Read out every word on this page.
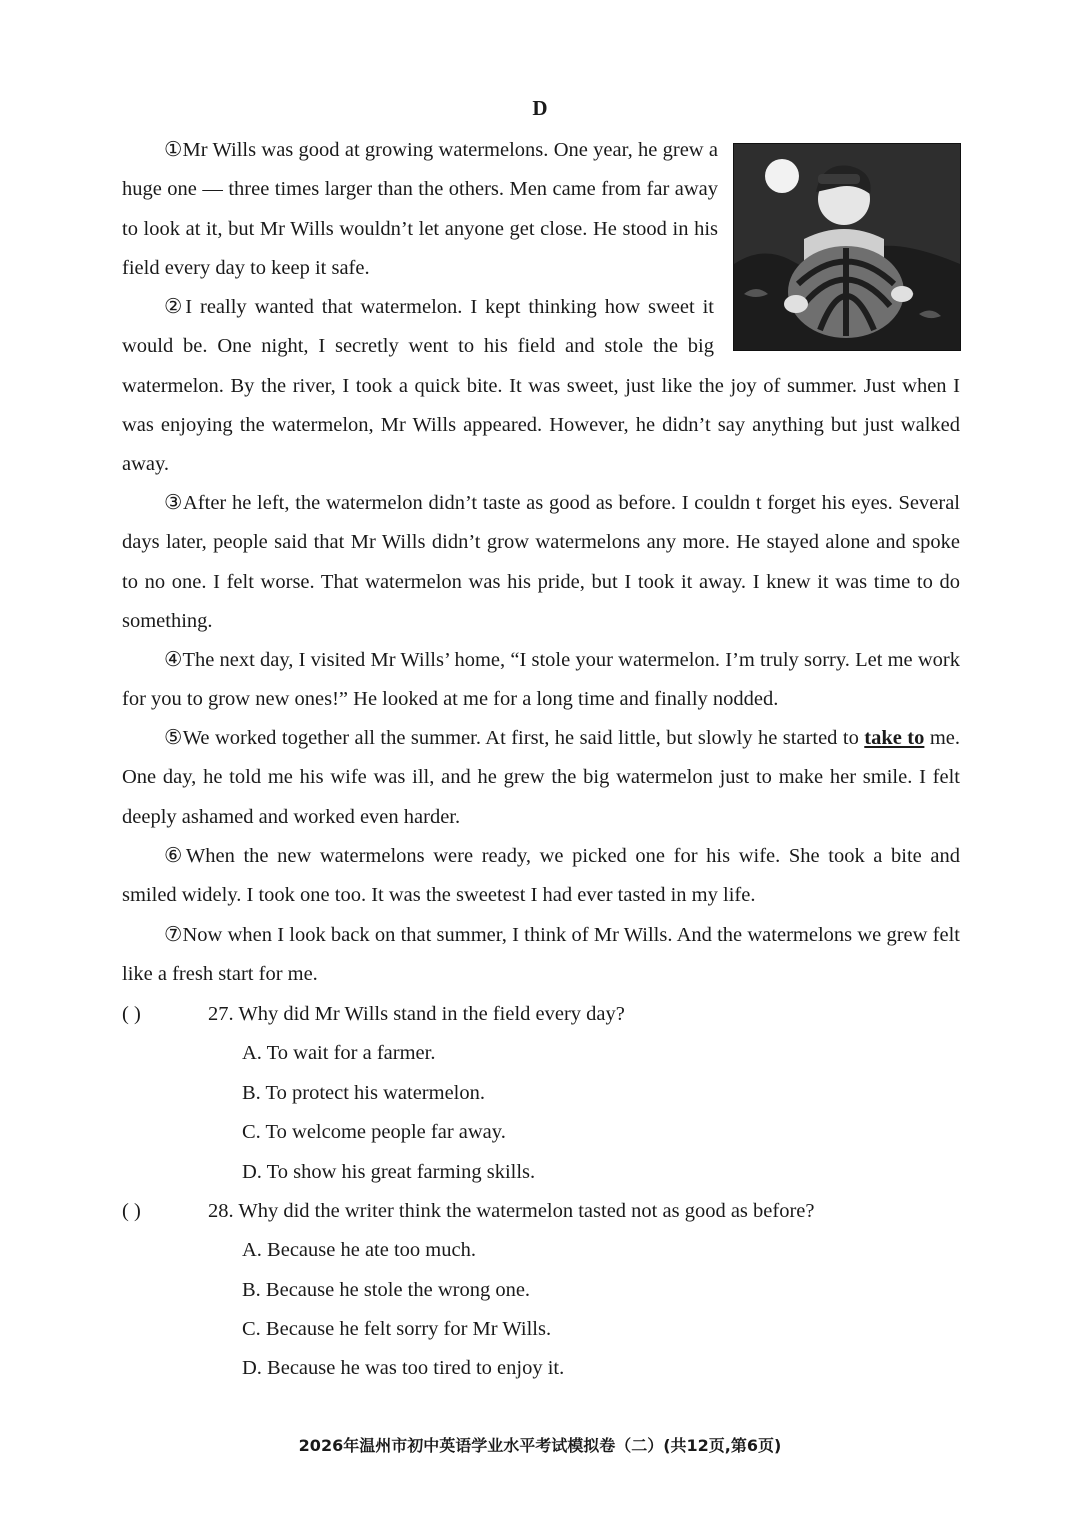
D

①Mr Wills was good at growing watermelons. One year, he grew a huge one — three times larger than the others. Men came from far away to look at it, but Mr Wills wouldn’t let anyone get close. He stood in his field every day to keep it safe.

②I really wanted that watermelon. I kept thinking how sweet it would be. One night, I secretly went to his field and stole the big watermelon. By the river, I took a quick bite. It was sweet, just like the joy of summer. Just when I was enjoying the watermelon, Mr Wills appeared. However, he didn’t say anything but just walked away.

③After he left, the watermelon didn’t taste as good as before. I couldn t forget his eyes. Several days later, people said that Mr Wills didn’t grow watermelons any more. He stayed alone and spoke to no one. I felt worse. That watermelon was his pride, but I took it away. I knew it was time to do something.

④The next day, I visited Mr Wills’ home, “I stole your watermelon. I’m truly sorry. Let me work for you to grow new ones!” He looked at me for a long time and finally nodded.

⑤We worked together all the summer. At first, he said little, but slowly he started to take to me. One day, he told me his wife was ill, and he grew the big watermelon just to make her smile. I felt deeply ashamed and worked even harder.

⑥When the new watermelons were ready, we picked one for his wife. She took a bite and smiled widely. I took one too. It was the sweetest I had ever tasted in my life.

⑦Now when I look back on that summer, I think of Mr Wills. And the watermelons we grew felt like a fresh start for me.

( )	27. Why did Mr Wills stand in the field every day?
A. To wait for a farmer.
B. To protect his watermelon.
C. To welcome people far away.
D. To show his great farming skills.
( )	28. Why did the writer think the watermelon tasted not as good as before?
A. Because he ate too much.
B. Because he stole the wrong one.
C. Because he felt sorry for Mr Wills.
D. Because he was too tired to enjoy it.
2026年温州市初中英语学业水平考试模拟卷（二）(共12页,第6页)
